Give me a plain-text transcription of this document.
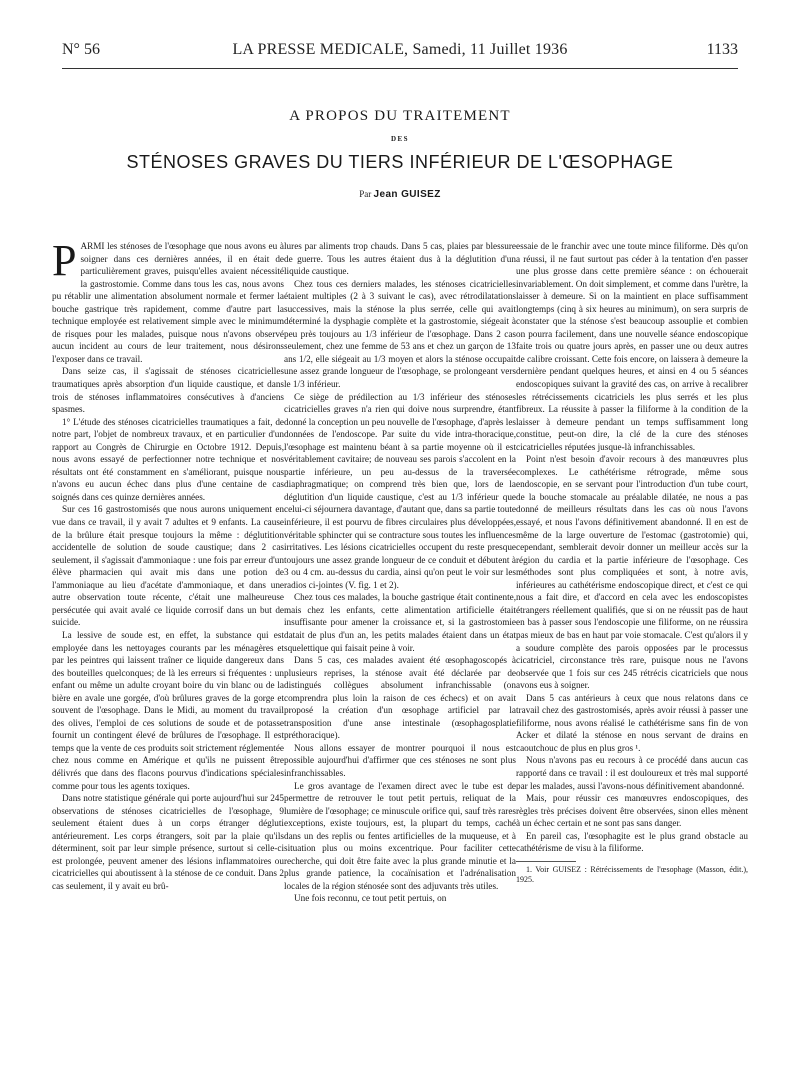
N° 56	LA PRESSE MEDICALE, Samedi, 11 Juillet 1936	1133
A PROPOS DU TRAITEMENT
DES
STÉNOSES GRAVES DU TIERS INFÉRIEUR DE L'ŒSOPHAGE
Par Jean GUISEZ

PARMI les sténoses de l'œsophage que nous avons eu à soigner dans ces dernières années, il en était de particulièrement graves, puisqu'elles avaient nécessité la gastrostomie. Comme dans tous les cas, nous avons pu rétablir une alimentation absolument normale et fermer la bouche gastrique très rapidement, comme d'autre part la technique employée est relativement simple avec le minimum de risques pour les malades, puisque nous n'avons observé aucun incident au cours de leur traitement, nous désirons l'exposer dans ce travail.

Dans seize cas, il s'agissait de sténoses cicatricielles traumatiques après absorption d'un liquide caustique, et dans trois de sténoses inflammatoires consécutives à d'anciens spasmes.

1° L'étude des sténoses cicatricielles traumatiques a fait, de notre part, l'objet de nombreux travaux, et en particulier d'un rapport au Congrès de Chirurgie en Octobre 1912. Depuis, nous avons essayé de perfectionner notre technique et nos résultats ont été constamment en s'améliorant, puisque nous n'avons eu aucun échec dans plus d'une centaine de cas soignés dans ces quinze dernières années.

Sur ces 16 gastrostomisés que nous aurons uniquement en vue dans ce travail, il y avait 7 adultes et 9 enfants. La cause de la brûlure était presque toujours la même : déglutition accidentelle de solution de soude caustique; dans 2 cas seulement, il s'agissait d'ammoniaque : une fois par erreur d'un élève pharmacien qui avait mis dans une potion de l'ammoniaque au lieu d'acétate d'ammoniaque, et dans une autre observation toute récente, c'était une malheureuse persécutée qui avait avalé ce liquide corrosif dans un but de suicide.

La lessive de soude est, en effet, la substance qui est employée dans les nettoyages courants par les ménagères et par les peintres qui laissent traîner ce liquide dangereux dans des bouteilles quelconques; de là les erreurs si fréquentes : un enfant ou même un adulte croyant boire du vin blanc ou de la bière en avale une gorgée, d'où brûlures graves de la gorge et souvent de l'œsophage. Dans le Midi, au moment du travail des olives, l'emploi de ces solutions de soude et de potasse fournit un contingent élevé de brûlures de l'œsophage. Il est temps que la vente de ces produits soit strictement réglementée chez nous comme en Amérique et qu'ils ne puissent être délivrés que dans des flacons pourvus d'indications spéciales comme pour tous les agents toxiques.

Dans notre statistique générale qui porte aujourd'hui sur 245 observations de sténoses cicatricielles de l'œsophage, 9 seulement étaient dues à un corps étranger dégluti antérieurement. Les corps étrangers, soit par la plaie qu'ils déterminent, soit par leur simple présence, surtout si celle-ci est prolongée, peuvent amener des lésions inflammatoires ou cicatricielles qui aboutissent à la sténose de ce conduit. Dans 2 cas seulement, il y avait eu brû-

lures par aliments trop chauds. Dans 5 cas, plaies par blessure de guerre. Tous les autres étaient dus à la déglutition d'un liquide caustique.

Chez tous ces derniers malades, les sténoses cicatricielles étaient multiples (2 à 3 suivant le cas), avec rétrodilatations successives, mais la sténose la plus serrée, celle qui avait déterminé la dysphagie complète et la gastrostomie, siégeait à peu près toujours au 1/3 inférieur de l'œsophage. Dans 2 cas seulement, chez une femme de 53 ans et chez un garçon de 13 ans 1/2, elle siégeait au 1/3 moyen et alors la sténose occupait une assez grande longueur de l'œsophage, se prolongeant vers le 1/3 inférieur.

Ce siège de prédilection au 1/3 inférieur des sténoses cicatricielles graves n'a rien qui doive nous surprendre, étant donné la conception un peu nouvelle de l'œsophage, d'après les données de l'endoscope. Par suite du vide intra-thoracique, l'œsophage est maintenu béant à sa partie moyenne où il est véritablement cavitaire; de nouveau ses parois s'accolent en la partie inférieure, un peu au-dessus de la traversée diaphragmatique; on comprend très bien que, lors de la déglutition d'un liquide caustique, c'est au 1/3 inférieur que celui-ci séjournera davantage, d'autant que, dans sa partie toute inférieure, il est pourvu de fibres circulaires plus développées, véritable sphincter qui se contracture sous toutes les influences irritatives. Les lésions cicatricielles occupent du reste presque toujours une assez grande longueur de ce conduit et débutent à 3 ou 4 cm. au-dessus du cardia, ainsi qu'on peut le voir sur les radios ci-jointes (V. fig. 1 et 2).

Chez tous ces malades, la bouche gastrique était continente, mais chez les enfants, cette alimentation artificielle était insuffisante pour amener la croissance et, si la gastrostomie datait de plus d'un an, les petits malades étaient dans un état squelettique qui faisait peine à voir.

Dans 5 cas, ces malades avaient été œsophagoscopés à plusieurs reprises, la sténose avait été déclarée par de distingués collègues absolument infranchissable (on comprendra plus loin la raison de ces échecs) et on avait proposé la création d'un œsophage artificiel par la transposition d'une anse intestinale (œsophagosplatie préthoracique).

Nous allons essayer de montrer pourquoi il nous est possible aujourd'hui d'affirmer que ces sténoses ne sont plus infranchissables.

Le gros avantage de l'examen direct avec le tube est de permettre de retrouver le tout petit pertuis, reliquat de la lumière de l'œsophage; ce minuscule orifice qui, sauf très rares exceptions, existe toujours, est, la plupart du temps, caché dans un des replis ou fentes artificielles de la muqueuse, et à situation plus ou moins excentrique. Pour faciliter cette recherche, qui doit être faite avec la plus grande minutie et la plus grande patience, la cocaïnisation et l'adrénalisation locales de la région sténosée sont des adjuvants très utiles.

Une fois reconnu, ce tout petit pertuis, on

essaie de le franchir avec une toute mince filiforme. Dès qu'on a réussi, il ne faut surtout pas céder à la tentation d'en passer une plus grosse dans cette première séance : on échouerait invariablement. On doit simplement, et comme dans l'urètre, la laisser à demeure. Si on la maintient en place suffisamment longtemps (cinq à six heures au minimum), on sera surpris de constater que la sténose s'est beaucoup assouplie et combien on pourra facilement, dans une nouvelle séance endoscopique faite trois ou quatre jours après, en passer une ou deux autres de calibre croissant. Cette fois encore, on laissera à demeure la dernière pendant quelques heures, et ainsi en 4 ou 5 séances endoscopiques suivant la gravité des cas, on arrive à recalibrer les rétrécissements cicatriciels les plus serrés et les plus fibreux. La réussite à passer la filiforme à la condition de la laisser à demeure pendant un temps suffisamment long constitue, peut-on dire, la clé de la cure des sténoses cicatricielles réputées jusque-là infranchissables.

Point n'est besoin d'avoir recours à des manœuvres plus complexes. Le cathétérisme rétrograde, même sous endoscopie, en se servant pour l'introduction d'un tube court, de la bouche stomacale au préalable dilatée, ne nous a pas donné de meilleurs résultats dans les cas où nous l'avons essayé, et nous l'avons définitivement abandonné. Il en est de même de la large ouverture de l'estomac (gastrotomie) qui, cependant, semblerait devoir donner un meilleur accès sur la région du cardia et la partie inférieure de l'œsophage. Ces méthodes sont plus compliquées et sont, à notre avis, inférieures au cathétérisme endoscopique direct, et c'est ce qui nous a fait dire, et d'accord en cela avec les endoscopistes étrangers réellement qualifiés, que si on ne réussit pas de haut en bas à passer sous l'endoscopie une filiforme, on ne réussira pas mieux de bas en haut par voie stomacale. C'est qu'alors il y a soudure complète des parois opposées par le processus cicatriciel, circonstance très rare, puisque nous ne l'avons observée que 1 fois sur ces 245 rétrécis cicatriciels que nous avons eus à soigner.

Dans 5 cas antérieurs à ceux que nous relatons dans ce travail chez des gastrostomisés, après avoir réussi à passer une filiforme, nous avons réalisé le cathétérisme sans fin de von Acker et dilaté la sténose en nous servant de drains en caoutchouc de plus en plus gros ¹.

Nous n'avons pas eu recours à ce procédé dans aucun cas rapporté dans ce travail : il est douloureux et très mal supporté par les malades, aussi l'avons-nous définitivement abandonné.

Mais, pour réussir ces manœuvres endoscopiques, des règles très précises doivent être observées, sinon elles mènent à un échec certain et ne sont pas sans danger.

En pareil cas, l'œsophagite est le plus grand obstacle au cathétérisme de visu à la filiforme.

1. Voir GUISEZ : Rétrécissements de l'œsophage (Masson, édit.), 1925.
